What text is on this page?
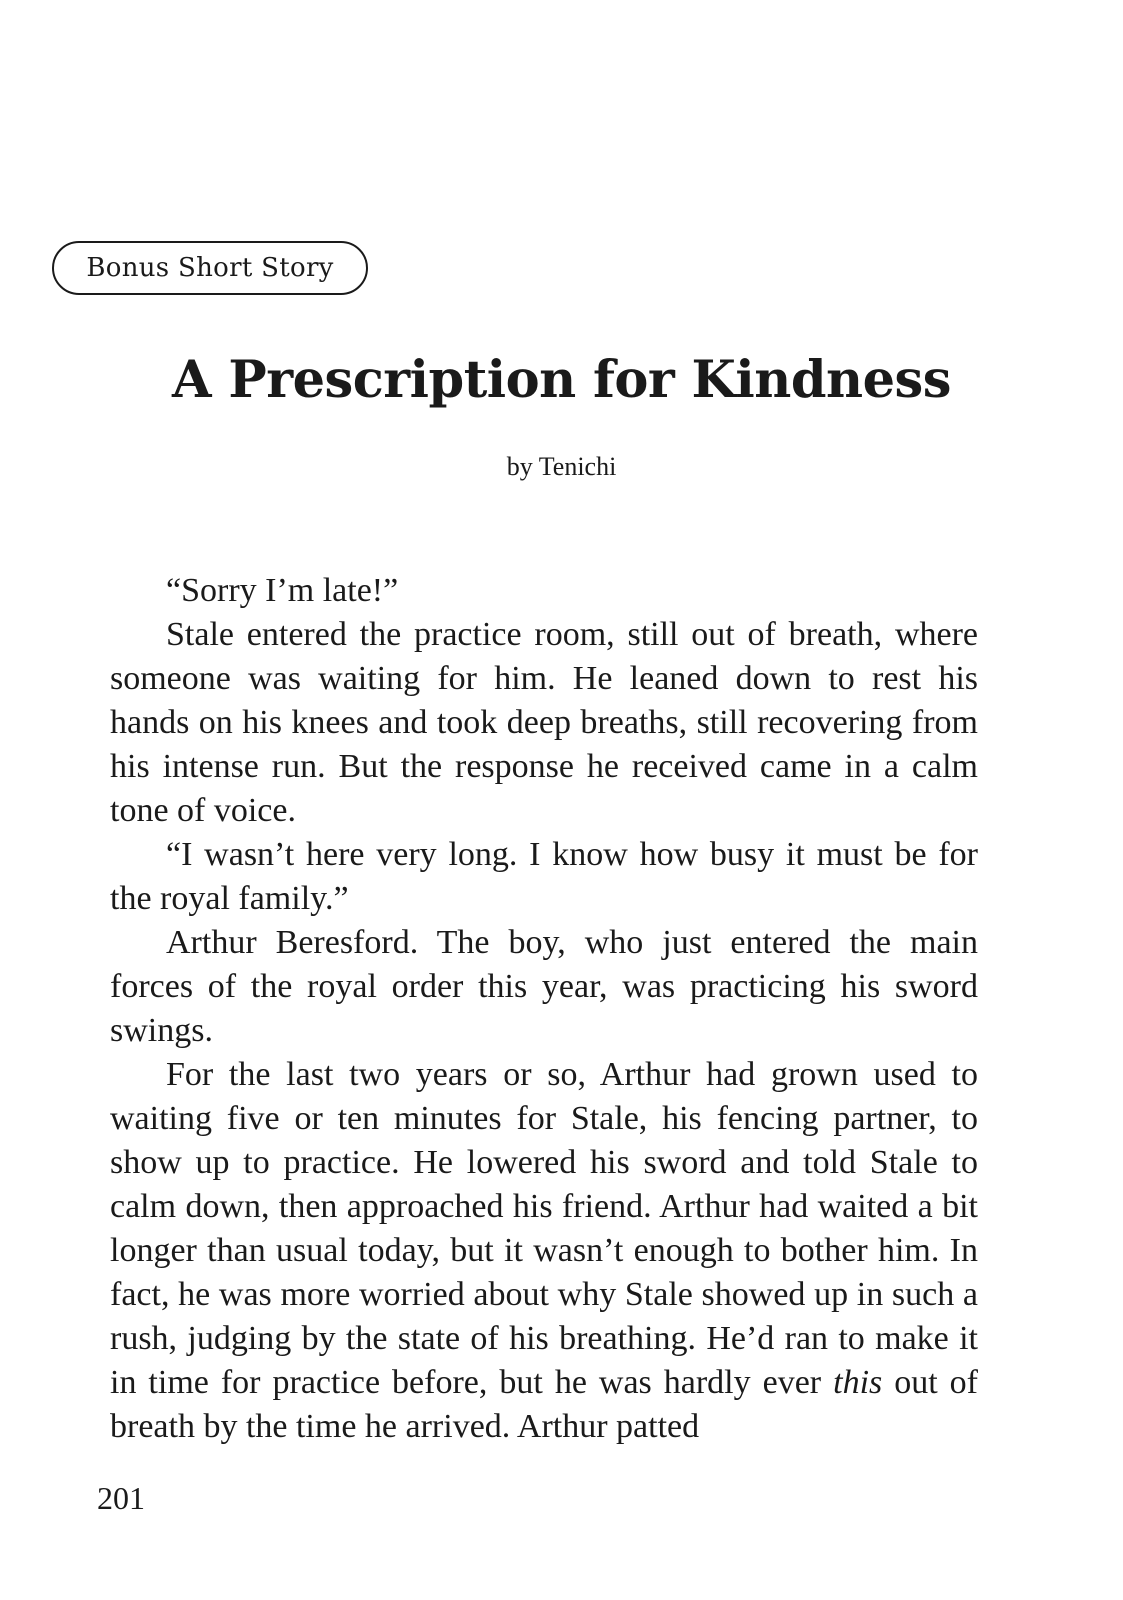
Bonus Short Story
A Prescription for Kindness
by Tenichi

“Sorry I’m late!”

Stale entered the practice room, still out of breath, where someone was waiting for him. He leaned down to rest his hands on his knees and took deep breaths, still recovering from his intense run. But the response he received came in a calm tone of voice.

“I wasn’t here very long. I know how busy it must be for the royal family.”

Arthur Beresford. The boy, who just entered the main forces of the royal order this year, was practicing his sword swings.

For the last two years or so, Arthur had grown used to waiting five or ten minutes for Stale, his fencing partner, to show up to practice. He lowered his sword and told Stale to calm down, then approached his friend. Arthur had waited a bit longer than usual today, but it wasn’t enough to bother him. In fact, he was more worried about why Stale showed up in such a rush, judging by the state of his breathing. He’d ran to make it in time for practice before, but he was hardly ever this out of breath by the time he arrived. Arthur patted

201
